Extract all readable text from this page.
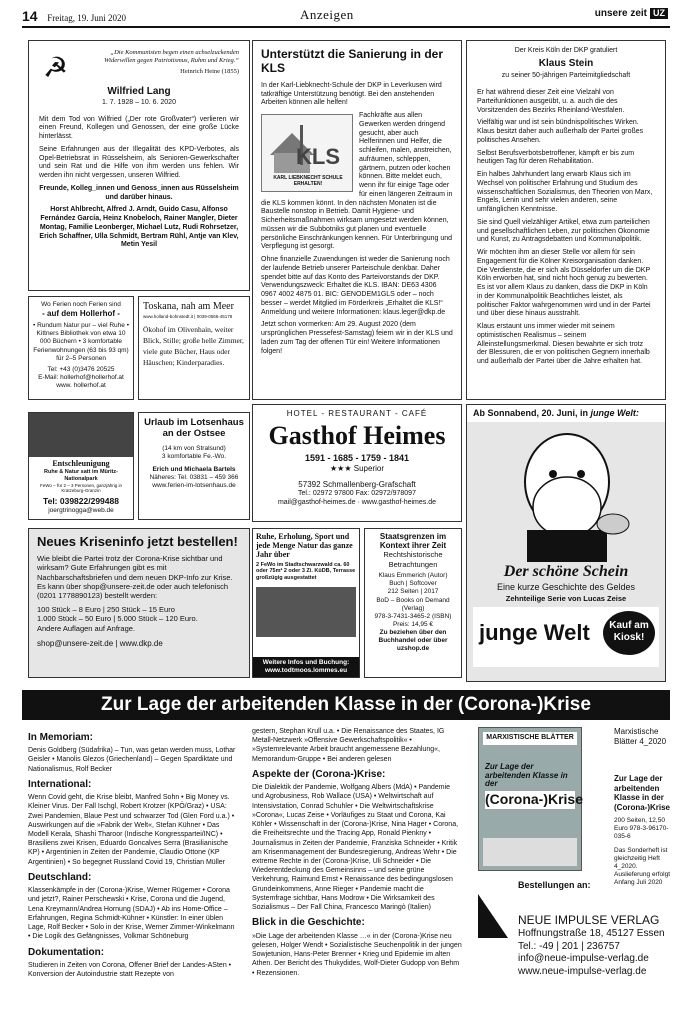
14 Freitag, 19. Juni 2020	Anzeigen	unsere zeit UZ
☭	„Die Kommunisten begen einen achselzuckenden Widerwillen gegen Patriotismus, Ruhm und Krieg.“
Heinrich Heine (1855)
Wilfried Lang
1. 7. 1928 – 10. 6. 2020

Mit dem Tod von Wilfried („Der rote Großvater“) verlieren wir einen Freund, Kollegen und Genossen, der eine große Lücke hinterlässt.

Seine Erfahrungen aus der Illegalität des KPD-Verbotes, als Opel-Betriebsrat in Rüsselsheim, als Senioren-Gewerkschafter und sein Rat und die Hilfe von ihm werden uns fehlen. Wir werden ihn nicht vergessen, unseren Wilfried.

Freunde, Kolleg_innen und Genoss_innen aus Rüsselsheim und darüber hinaus.

Horst Ahlbrecht, Alfred J. Arndt, Guido Casu, Alfonso Fernández García, Heinz Knobeloch, Rainer Mangler, Dieter Montag, Familie Leonberger, Michael Lutz, Rudi Rohrsetzer, Erich Schaffner, Ulla Schmidt, Bertram Rühl, Antje van Klev, Metin Yesil

Unterstützt die Sanierung in der KLS

In der Karl-Liebknecht-Schule der DKP in Leverkusen wird tatkräftige Unterstützung benötigt. Bei den anstehenden Arbeiten können alle helfen!

KLS
KARL LIEBKNECHT SCHULE ERHALTEN!

Fachkräfte aus allen Gewerken werden dringend gesucht, aber auch Helferinnen und Helfer, die schleifen, malen, anstreichen, aufräumen, schleppen, gärtnern, putzen oder kochen können. Bitte meldet euch, wenn ihr für einige Tage oder für einen längeren Zeitraum in die KLS kommen könnt. In den nächsten Monaten ist die Baustelle nonstop in Betrieb. Damit Hygiene- und Sicherheitsmaßnahmen wirksam umgesetzt werden können, müssen wir die Subbotniks gut planen und eventuelle persönliche Einschränkungen kennen. Für Unterbringung und Verpflegung ist gesorgt.

Ohne finanzielle Zuwendungen ist weder die Sanierung noch der laufende Betrieb unserer Parteischule denkbar. Daher spendet bitte auf das Konto des Parteivorstands der DKP. Verwendungszweck: Erhaltet die KLS. IBAN: DE63 4306 0967 4002 4875 01. BIC: GENODEM1GLS oder – noch besser – werdet Mitglied im Förderkreis „Erhaltet die KLS!“ Anmeldung und weitere Informationen: klaus.leger@dkp.de

Jetzt schon vormerken: Am 29. August 2020 (dem ursprünglichen Pressefest-Samstag) feiern wir in der KLS und laden zum Tag der offenen Tür ein! Weitere Informationen folgen!

Der Kreis Köln der DKP gratuliert
Klaus Stein
zu seiner 50-jährigen Parteimitgliedschaft

Er hat während dieser Zeit eine Vielzahl von Parteifunktionen ausgeübt, u. a. auch die des Vorsitzenden des Bezirks Rheinland-Westfalen.

Vielfältig war und ist sein bündnispolitisches Wirken. Klaus besitzt daher auch außerhalb der Partei großes politisches Ansehen.

Selbst Berufsverbotsbetroffener, kämpft er bis zum heutigen Tag für deren Rehabilitation.

Ein halbes Jahrhundert lang erwarb Klaus sich im Wechsel von politischer Erfahrung und Studium des wissenschaftlichen Sozialismus, den Theorien von Marx, Engels, Lenin und sehr vielen anderen, seine umfänglichen Kenntnisse.

Sie sind Quell vielzähliger Artikel, etwa zum parteilichen und gesellschaftlichen Leben, zur politischen Ökonomie und Kunst, zu Antragsdebatten und Kommunalpolitik.

Wir möchten ihm an dieser Stelle vor allem für sein Engagement für die Kölner Kreisorganisation danken. Die Verdienste, die er sich als Düsseldorfer um die DKP Köln erworben hat, sind nicht hoch genug zu bewerten. Es ist vor allem Klaus zu danken, dass die DKP in Köln in der Kommunalpolitik Beachtliches leistet, als politischer Faktor wahrgenommen wird und in der Partei und über diese hinaus ausstrahlt.

Klaus erstaunt uns immer wieder mit seinem optimistischen Realismus – seinem Alleinstellungsmerkmal. Diesen bewahrte er sich trotz der Blessuren, die er von politischen Gegnern innerhalb und außerhalb der Partei über die Jahre erhalten hat.

Wo Ferien noch Ferien sind
- auf dem Hollerhof -
• Rundum Natur pur – viel Ruhe • Kittners Bibliothek von etwa 10 000 Büchern • 3 komfortable Ferienwohnungen (63 bis 93 qm) für 2–5 Personen
Tel: +43 (0)3476 20525
E-Mail: hollerhof@hollerhof.at
www. hollerhof.at
Toskana, nah am Meer
www.holland-bohnstedt.it | 0039-0566-45178
Ökohof im Olivenhain, weiter Blick, Stille; große helle Zimmer, viele gute Bücher, Haus oder Häuschen; Kinderparadies.
Entschleunigung
Ruhe & Natur satt im Müritz-Nationalpark
FeWo – für 2 – 3 Personen, ganzjährig in Kratzeburg-Granzin
Tel: 039822/299488
joergtrinogga@web.de
Urlaub im Lotsenhaus an der Ostsee
(14 km von Stralsund)
3 komfortable Fe.-Wo.
Erich und Michaela Bartels
Näheres: Tel. 03831 – 459 366
www.ferien-im-lotsenhaus.de
HOTEL - RESTAURANT - CAFÉ
Gasthof Heimes
1591 - 1685 - 1759 - 1841
★★★ Superior
57392 Schmallenberg-Grafschaft
Tel.: 02972 97800 Fax: 02972/978097
mail@gasthof-heimes.de · www.gasthof-heimes.de
Ab Sonnabend, 20. Juni, in junge Welt:
Der schöne Schein
Eine kurze Geschichte des Geldes
Zehnteilige Serie von Lucas Zeise
junge Welt	Kauf am Kiosk!
Neues Kriseninfo jetzt bestellen!

Wie bleibt die Partei trotz der Corona-Krise sichtbar und wirksam? Gute Erfahrungen gibt es mit Nachbarschaftsbriefen und dem neuen DKP-Info zur Krise. Es kann über shop@unsere-zeit.de oder auch telefonisch (0201 1778890123) bestellt werden:

100 Stück – 8 Euro | 250 Stück – 15 Euro
1.000 Stück – 50 Euro | 5.000 Stück – 120 Euro.
Andere Auflagen auf Anfrage.
shop@unsere-zeit.de | www.dkp.de
Ruhe, Erholung, Sport und jede Menge Natur das ganze Jahr über
2 FeWo im Stadtschwarzwald ca. 60 oder 75m² 2 oder 3 Zi. KüDB, Terrasse großzügig ausgestattet
Weitere Infos und Buchung:
www.todtmoos.lommes.eu
Staatsgrenzen im Kontext ihrer Zeit
Rechtshistorische Betrachtungen
Klaus Emmerich (Autor)
Buch | Softcover
212 Seiten | 2017
BoD – Books on Demand (Verlag)
978-3-7431-3465-2 (ISBN)
Preis: 14,95 €
Zu beziehen über den Buchhandel oder über uzshop.de
Zur Lage der arbeitenden Klasse in der (Corona-)Krise
In Memoriam:
Denis Goldberg (Südafrika) – Tun, was getan werden muss, Lothar Geisler • Manolis Glezos (Griechenland) – Gegen Spardiktate und Nationalismus, Rolf Becker
International:
Wenn Covid geht, die Krise bleibt, Manfred Sohn • Big Money vs. Kleiner Virus. Der Fall Ischgl, Robert Krotzer (KPÖ/Graz) • USA: Zwei Pandemien, Blaue Pest und schwarzer Tod (Glen Ford u.a.) • Auswirkungen auf die »Fabrik der Welt«, Stefan Kühner • Das Modell Kerala, Shashi Tharoor (Indische Kongresspartei/INC) • Brasiliens zwei Krisen, Eduardo Goncalves Serra (Brasilianische KP) • Argentinien in Zeiten der Pandemie, Claudio Ottone (KP Argentinien) • So begegnet Russland Covid 19, Christian Müller
Deutschland:
Klassenkämpfe in der (Corona-)Krise, Werner Rügemer • Corona und jetzt?, Rainer Perschewski • Krise, Corona und die Jugend, Lena Kreymann/Andrea Hornung (SDAJ) • Ab ins Home-Office – Erfahrungen, Regina Schmidt-Kühner • Künstler: In einer üblen Lage, Rolf Becker • Solo in der Krise, Werner Zimmer-Winkelmann • Die Logik des Gefängnisses, Volkmar Schöneburg
Dokumentation:
Studieren in Zeiten von Corona, Offener Brief der Landes-ASten • Konversion der Autoindustrie statt Rezepte von
gestern, Stephan Krull u.a. • Die Renaissance des Staates, IG Metall-Netzwerk »Offensive Gewerkschaftspolitik« • »Systemrelevante Arbeit braucht angemessene Bezahlung«, Memorandum-Gruppe • Bei anderen gelesen
Aspekte der (Corona-)Krise:
Die Dialektik der Pandemie, Wolfgang Albers (MdA) • Pandemie und Agrobusiness, Rob Wallace (USA) • Weltwirtschaft auf Intensivstation, Conrad Schuhler • Die Weltwirtschaftskrise »Corona«, Lucas Zeise • Vorläufiges zu Staat und Corona, Kai Köhler • Wissenschaft in der (Corona-)Krise, Nina Hager • Corona, die Freiheitsrechte und the Tracing App, Ronald Pienkny • Journalismus in Zeiten der Pandemie, Franziska Schneider • Kritik am Krisenmanagement der Bundesregierung, Andreas Wehr • Die extreme Rechte in der (Corona-)Krise, Uli Schneider • Die Wiederentdeckung des Gemeinsinns – und seine grüne Verkehrung, Raimund Ernst • Renaissance des bedingungslosen Grundeinkommens, Anne Rieger • Pandemie macht die Systemfrage sichtbar, Hans Modrow • Die Wirksamkeit des Sozialismus – Der Fall China, Francesco Maringò (Italien)
Blick in die Geschichte:
»Die Lage der arbeitenden Klasse …« in der (Corona-)Krise neu gelesen, Holger Wendt • Sozialistische Seuchenpolitik in der jungen Sowjetunion, Hans-Peter Brenner • Krieg und Epidemie im alten Athen. Der Bericht des Thukydides, Wolf-Dieter Gudopp von Behm • Rezensionen.
MARXISTISCHE BLÄTTER
Zur Lage der arbeitenden Klasse in der
(Corona-)Krise
Marxistische Blätter 4_2020
Zur Lage der arbeitenden Klasse in der (Corona-)Krise
200 Seiten, 12,50 Euro 978-3-96170-035-6
Das Sonderheft ist gleichzeitig Heft 4_2020. Auslieferung erfolgt Anfang Juli 2020
Bestellungen an:
NEUE IMPULSE VERLAG
Hoffnungstraße 18, 45127 Essen
Tel.: -49 | 201 | 236757
info@neue-impulse-verlag.de
www.neue-impulse-verlag.de
